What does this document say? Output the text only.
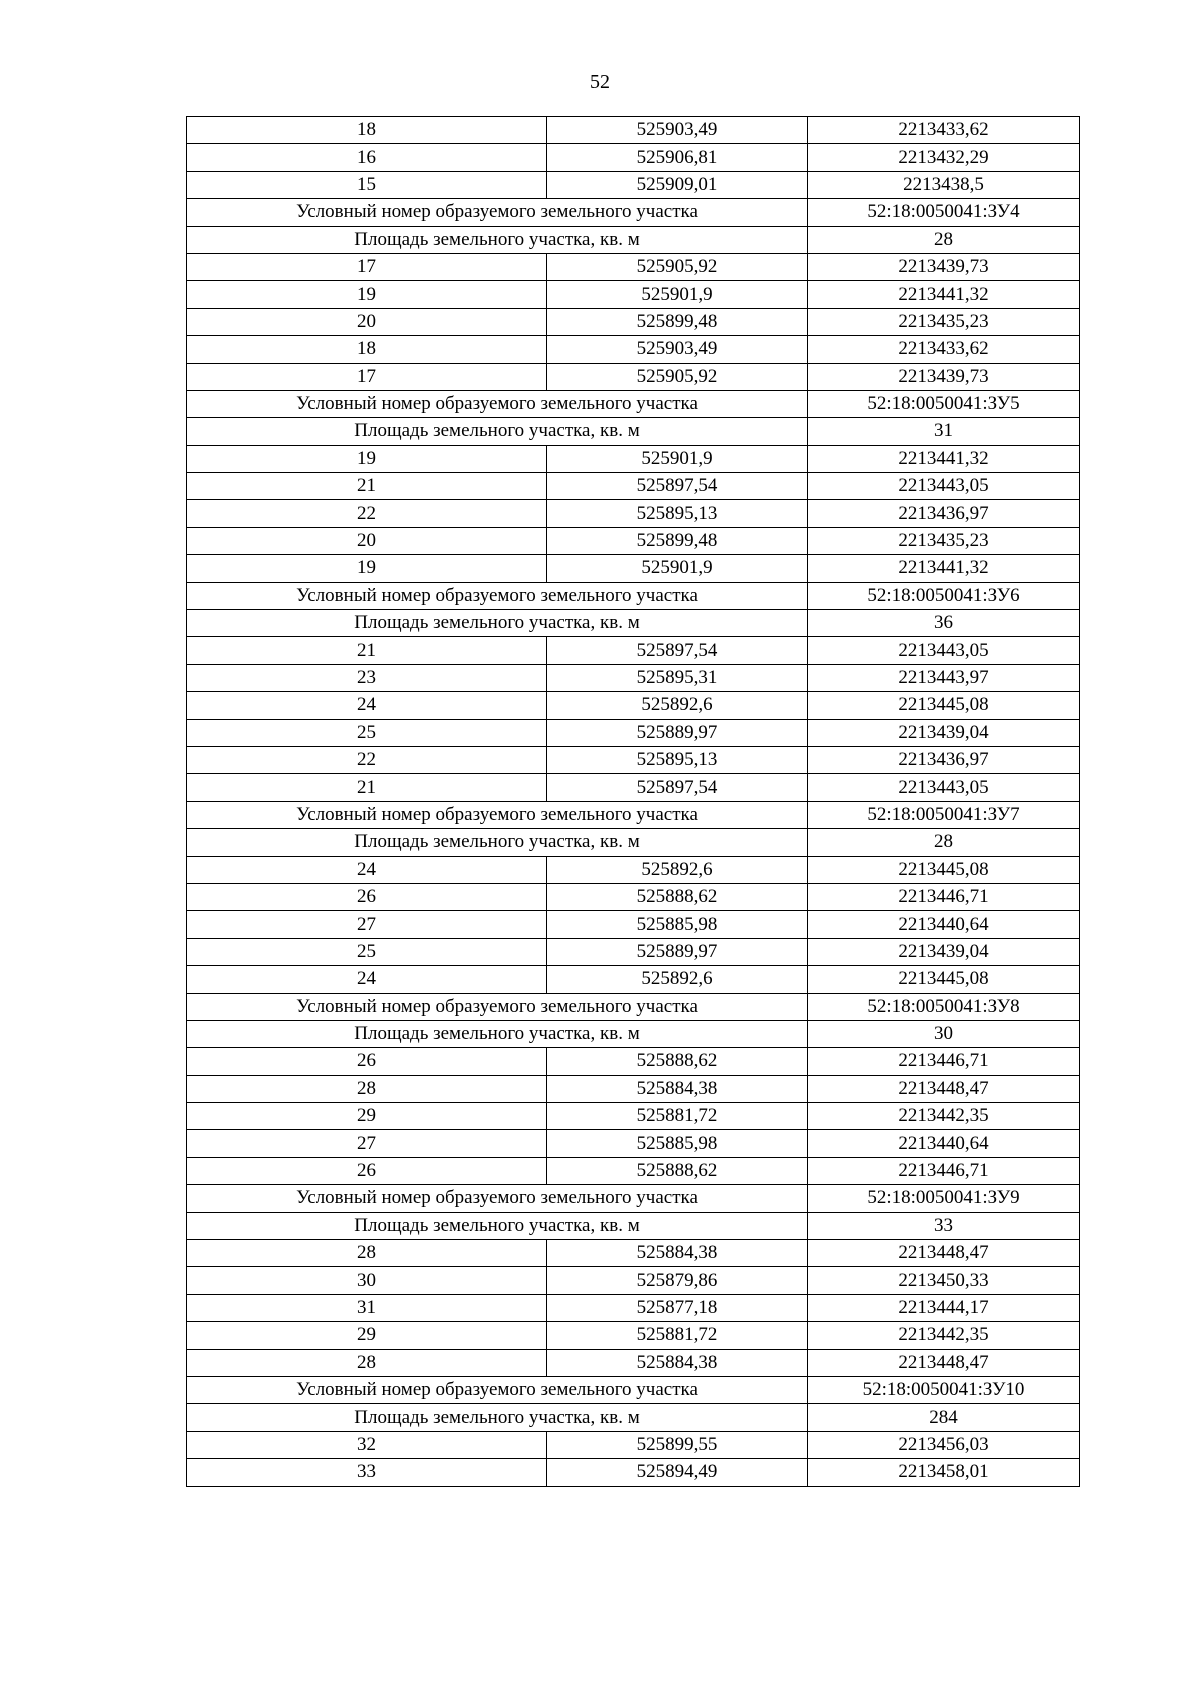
52
18	525903,49	2213433,62
16	525906,81	2213432,29
15	525909,01	2213438,5
Условный номер образуемого земельного участка		52:18:0050041:ЗУ4
Площадь земельного участка, кв. м		28
17	525905,92	2213439,73
19	525901,9	2213441,32
20	525899,48	2213435,23
18	525903,49	2213433,62
17	525905,92	2213439,73
Условный номер образуемого земельного участка		52:18:0050041:ЗУ5
Площадь земельного участка, кв. м		31
19	525901,9	2213441,32
21	525897,54	2213443,05
22	525895,13	2213436,97
20	525899,48	2213435,23
19	525901,9	2213441,32
Условный номер образуемого земельного участка		52:18:0050041:ЗУ6
Площадь земельного участка, кв. м		36
21	525897,54	2213443,05
23	525895,31	2213443,97
24	525892,6	2213445,08
25	525889,97	2213439,04
22	525895,13	2213436,97
21	525897,54	2213443,05
Условный номер образуемого земельного участка		52:18:0050041:ЗУ7
Площадь земельного участка, кв. м		28
24	525892,6	2213445,08
26	525888,62	2213446,71
27	525885,98	2213440,64
25	525889,97	2213439,04
24	525892,6	2213445,08
Условный номер образуемого земельного участка		52:18:0050041:ЗУ8
Площадь земельного участка, кв. м		30
26	525888,62	2213446,71
28	525884,38	2213448,47
29	525881,72	2213442,35
27	525885,98	2213440,64
26	525888,62	2213446,71
Условный номер образуемого земельного участка		52:18:0050041:ЗУ9
Площадь земельного участка, кв. м		33
28	525884,38	2213448,47
30	525879,86	2213450,33
31	525877,18	2213444,17
29	525881,72	2213442,35
28	525884,38	2213448,47
Условный номер образуемого земельного участка		52:18:0050041:ЗУ10
Площадь земельного участка, кв. м		284
32	525899,55	2213456,03
33	525894,49	2213458,01
